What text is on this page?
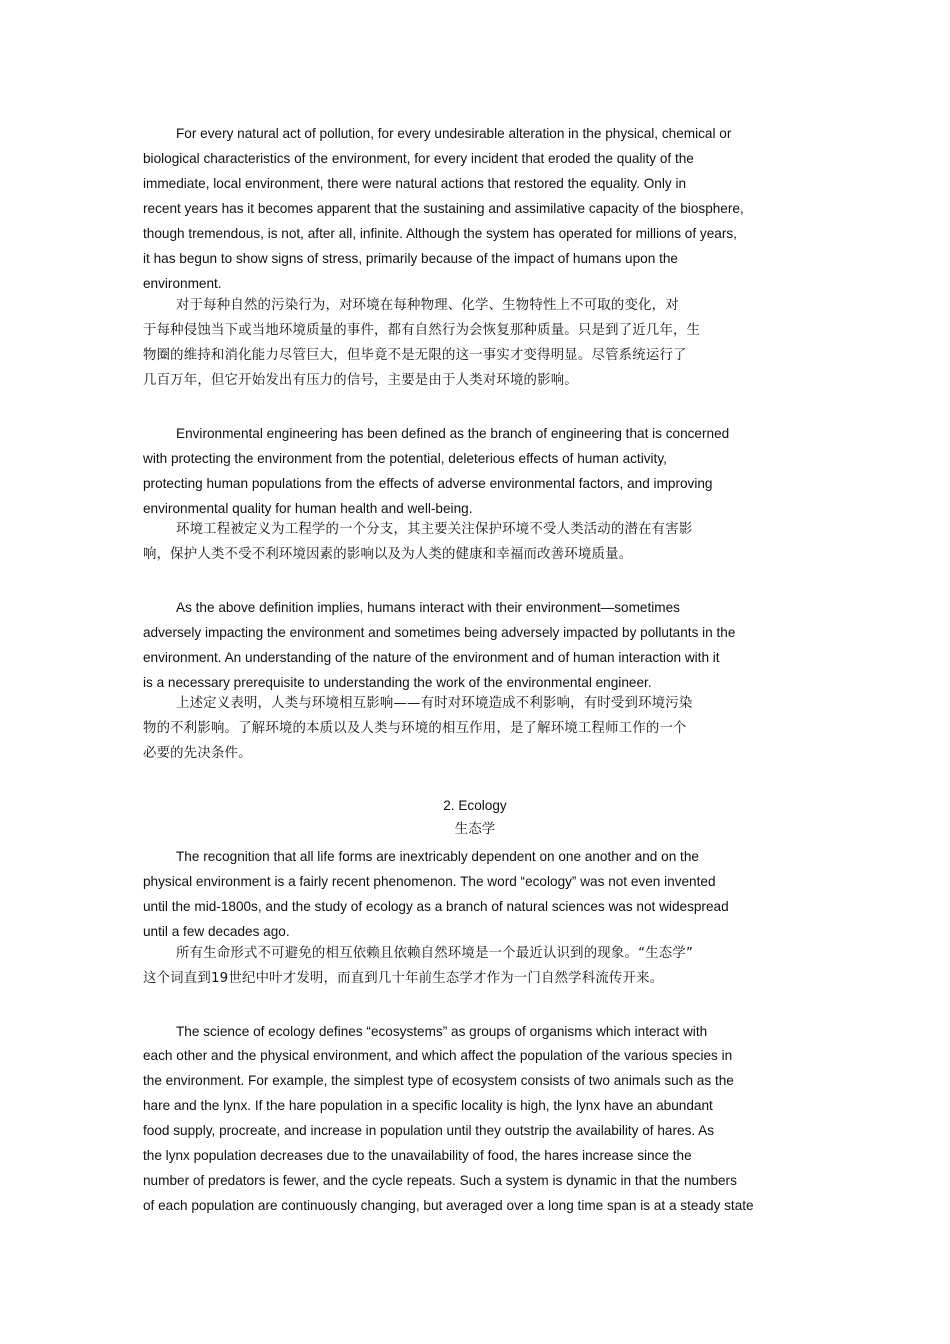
For every natural act of pollution, for every undesirable alteration in the physical, chemical or
biological characteristics of the environment, for every incident that eroded the quality of the
immediate, local environment, there were natural actions that restored the equality. Only in
recent years has it becomes apparent that the sustaining and assimilative capacity of the biosphere,
though tremendous, is not, after all, infinite. Although the system has operated for millions of years,
it has begun to show signs of stress, primarily because of the impact of humans upon the
environment.
对于每种自然的污染行为，对环境在每种物理、化学、生物特性上不可取的变化，对
于每种侵蚀当下或当地环境质量的事件，都有自然行为会恢复那种质量。只是到了近几年，生
物圈的维持和消化能力尽管巨大，但毕竟不是无限的这一事实才变得明显。尽管系统运行了
几百万年，但它开始发出有压力的信号，主要是由于人类对环境的影响。
Environmental engineering has been defined as the branch of engineering that is concerned
with protecting the environment from the potential, deleterious effects of human activity,
protecting human populations from the effects of adverse environmental factors, and improving
environmental quality for human health and well-being.
环境工程被定义为工程学的一个分支，其主要关注保护环境不受人类活动的潜在有害影
响，保护人类不受不利环境因素的影响以及为人类的健康和幸福而改善环境质量。
As the above definition implies, humans interact with their environment—sometimes
adversely impacting the environment and sometimes being adversely impacted by pollutants in the
environment. An understanding of the nature of the environment and of human interaction with it
is a necessary prerequisite to understanding the work of the environmental engineer.
上述定义表明，人类与环境相互影响——有时对环境造成不利影响，有时受到环境污染
物的不利影响。了解环境的本质以及人类与环境的相互作用，是了解环境工程师工作的一个
必要的先决条件。
2. Ecology
生态学
The recognition that all life forms are inextricably dependent on one another and on the
physical environment is a fairly recent phenomenon. The word “ecology” was not even invented
until the mid-1800s, and the study of ecology as a branch of natural sciences was not widespread
until a few decades ago.
所有生命形式不可避免的相互依赖且依赖自然环境是一个最近认识到的现象。“生态学”
这个词直到19世纪中叶才发明，而直到几十年前生态学才作为一门自然学科流传开来。
The science of ecology defines “ecosystems” as groups of organisms which interact with
each other and the physical environment, and which affect the population of the various species in
the environment. For example, the simplest type of ecosystem consists of two animals such as the
hare and the lynx. If the hare population in a specific locality is high, the lynx have an abundant
food supply, procreate, and increase in population until they outstrip the availability of hares. As
the lynx population decreases due to the unavailability of food, the hares increase since the
number of predators is fewer, and the cycle repeats. Such a system is dynamic in that the numbers
of each population are continuously changing, but averaged over a long time span is at a steady state
